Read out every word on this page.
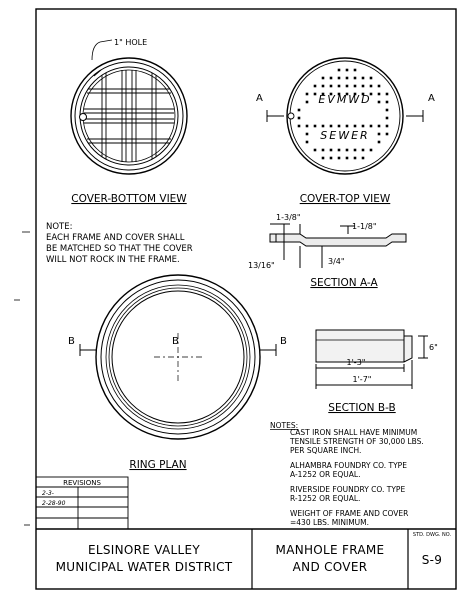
1" HOLE
COVER-BOTTOM VIEW
A	A
EVMWD
SEWER
COVER-TOP VIEW
NOTE:
EACH FRAME AND COVER SHALL
BE MATCHED SO THAT THE COVER
WILL NOT ROCK IN THE FRAME.
1-3/8"
1-1/8"
13/16"	3/4"
SECTION A-A
B	B
B
RING PLAN
6"
1'-3"
1'-7"
SECTION B-B
NOTES:
CAST IRON SHALL HAVE MINIMUM
TENSILE STRENGTH OF 30,000 LBS.
PER SQUARE INCH.
ALHAMBRA FOUNDRY CO. TYPE
A-1252 OR EQUAL.
RIVERSIDE FOUNDRY CO. TYPE
R-1252 OR EQUAL.
WEIGHT OF FRAME AND COVER
=430 LBS. MINIMUM.
REVISIONS
2-3-
2-28-90
ELSINORE VALLEY
MUNICIPAL WATER DISTRICT
MANHOLE FRAME
AND COVER
STD. DWG. NO.
S-9
